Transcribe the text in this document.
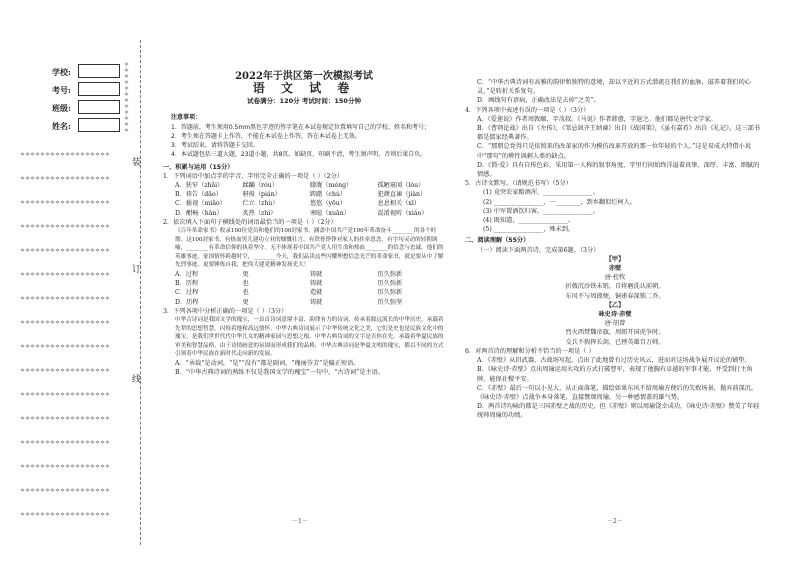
学校:
考号:
班级:
姓名:
＊＊＊＊＊＊＊＊＊＊＊＊
＊＊＊＊＊＊＊＊＊＊＊＊＊＊＊＊＊＊
＊＊＊＊＊＊＊＊＊＊＊＊＊＊＊＊＊＊
＊＊＊＊＊＊＊＊＊＊＊＊＊＊＊＊＊＊
＊＊＊＊＊＊＊＊＊＊＊＊＊＊＊＊＊＊
＊＊＊＊＊＊＊＊＊＊＊＊＊＊＊＊＊＊
＊＊＊＊＊＊＊＊＊＊＊＊＊＊＊＊＊＊
＊＊＊＊＊＊＊＊＊＊＊＊＊＊＊＊＊＊
＊＊＊＊＊＊＊＊＊＊＊＊＊＊＊＊＊＊
＊＊＊＊＊＊＊＊＊＊＊＊＊＊＊＊＊＊
＊＊＊＊＊＊＊＊＊＊＊＊＊＊＊＊＊＊
＊＊＊＊＊＊＊＊＊＊＊＊＊＊＊＊＊＊
＊＊＊＊＊＊＊＊＊＊＊＊＊＊＊＊＊＊
＊＊＊＊＊＊＊＊＊＊＊＊＊＊＊＊＊＊
＊＊＊＊＊＊＊＊＊＊＊＊＊＊＊＊＊＊
＊＊＊＊＊＊＊＊＊＊＊＊＊＊＊＊＊＊
＊＊＊＊＊＊＊＊＊＊＊＊＊＊＊＊＊＊
装
订
线
2022年于洪区第一次模拟考试
语 文 试 卷
试卷满分：120分 考试时间：150分钟
注意事项：
1．答题前，考生须用0.5mm黑色字迹的签字笔在本试卷规定位置填写自己的学校、姓名和考号；
2．考生须在答题卡上作答，不能在本试卷上作答，答在本试卷上无效。
3．考试结束，请将答题卡交回。
4．本试题包括三道大题，23道小题，共8页。如缺页、印刷不清，考生须声明，否则后果自负。
一、积累与运用（15分）
1．下列词语中加点字的字音、字形完全正确的一项是（ ）（2分）
A．狭窄（zhǎi）	蹂躏（róu）	朦胧（méng）	孤陋寡闻（lòu）
B．祷告（dǎo）	骈拇（pián）	踌躇（chú）	犯颜直谏（jiàn）
C．藐视（miǎo）	伫立（zhù）	悠悠（yōu）	息息相关（xī）
D．酣畅（hān）	炙热（zhì）	寒暄（xuān）	混淆视听（xiáo）
2．依次填入下面句子横线处的词语最恰当的一项是（ ）（2分）
《百年革命家书》收录100位党员和他们的100封家书。涵盖中国共产党100年革命奋斗________的各个时期。这100封家书，有热血男儿建功立业的慷慨壮言，有铁骨铮铮对家人的挂牵思念，有字句灵动的轻朝讽喻，________有革命信仰的执着坚守。无不体现着中国共产党人用生命和热血________的信念与忠诚。他们的英雄事迹，家国情怀跨越时空，________今天，我们品读这些闪耀理想信念光芒的革命家书，就是要从中了解先烈事迹，更要锤炼自我，把伟大建党精神发扬光大！
A．过程	更	铸就	历久弥新
B．历程	也	铸就	历久弥新
C．过程	也	造就	历久弥新
D．历程	更	铸就	历久弥坚
3．下列各项中分析正确的一项是（ ）（3分）
中华古诗词是我国文学的瑰宝，一首首诗词意境丰富、韵律有力的诗词，传承着源远流长的中华历史，承载着先辈的思想智慧，闪烁着地和高远情怀。中华古典诗词展示了中华传统文化之美，它们是史也是民族文化中的瑰宝，是我们世世代代中华儿女的精神家园与思想之根。中华古典诗词的文字是否你在先，承载着华夏民族的审美和智慧品格，由于诗情画意的氛围而形成我们的品格，中华古典诗词是华夏文明的瑰宝，都以不同的方式引领着中华民族在新时代走向新的发展。
A．“承载”是动词，“是”“没有”都是副词，“瑰丽芬芳”是偏正短语。
B．“中华古典诗词的熟练不仅是我国文学的瑰宝”一句中，“古诗词”是主语。
C．“中华古典诗词有高雅的韵律和独特的意境，却以平近的方式潜流在我们的血脉，滋养着我们的心灵。”是转折关系复句。
D．画线句有语病，正确改法是去掉“之美”。
4．下列各项中表述有误的一项是（ ）（3分）
A．《爱莲说》作者周敦颐，字茂叔。《马说》作者韩愈，字退之。他们都是唐代文学家。
B．《曹刿论战》出自《左传》，《邹忌讽齐王纳谏》出自《战国策》，《虽有嘉肴》出自《礼记》。这三部书都是儒家经典著作。
C．“那朋总党得只是依照来的改革家的作为模仿改革开放的那一位年轻的个人。”这是易成大特借小说中“那句”的辨性讽刺人类的缺点。
D．《简·爱》具有自传色彩，采用第一人称的叙事角度，字里行间始终洋溢着真挚、深厚、丰富、细腻的情感。
5．古诗文默写。（请规范书写）（5分）
(1) 竟突农家醅酒浑，________________。
(2) ________________，一________，到乡翻似烂柯人。
(3) 中军置酒饮归客，________________。
(4) 既知道，________________。
(5) ________________，殊未到。
二、阅读理解（55分）
（一）阅读下面两首诗，完成第6题。（3分）
【甲】
赤壁
唐·杜牧
折戟沉沙铁未销，自将磨洗认前朝。
东风不与周郎便，铜雀春深锁二乔。
【乙】
咏史诗·赤壁
唐·胡曾
烈火西焚魏帝旗，周郎开国虎争时。
交兵不假挥长剑，已挫英雄百万师。
6．对两首诗的理解和分析不恰当的一项是（ ）
A．《赤壁》从旧武器、古战场写起，点出了此地曾有过历史风云，进而对这场战争展开议论的铺垫。
B．《咏史诗·赤壁》点出周瑜运用火攻的方式打破曹军，表现了他胸有卓越的军事才能，并受到打主角牌，能保社稷平安。
C．《赤壁》最后一句以小见大，从正面落笔，描绘如果东风不给周瑜方便后的失败场景，抛弃前深沉。《咏史诗·赤壁》点战争本身落笔，直接赞颂周瑜，另一种感情盖的雄气势。
D．两首诗均咏的都是三国赤壁之战的历史，但《赤壁》则以周瑜饶幸成功，《咏史诗·赤壁》赞美了年轻统帅周瑜的功绩。
－1－	－2－
